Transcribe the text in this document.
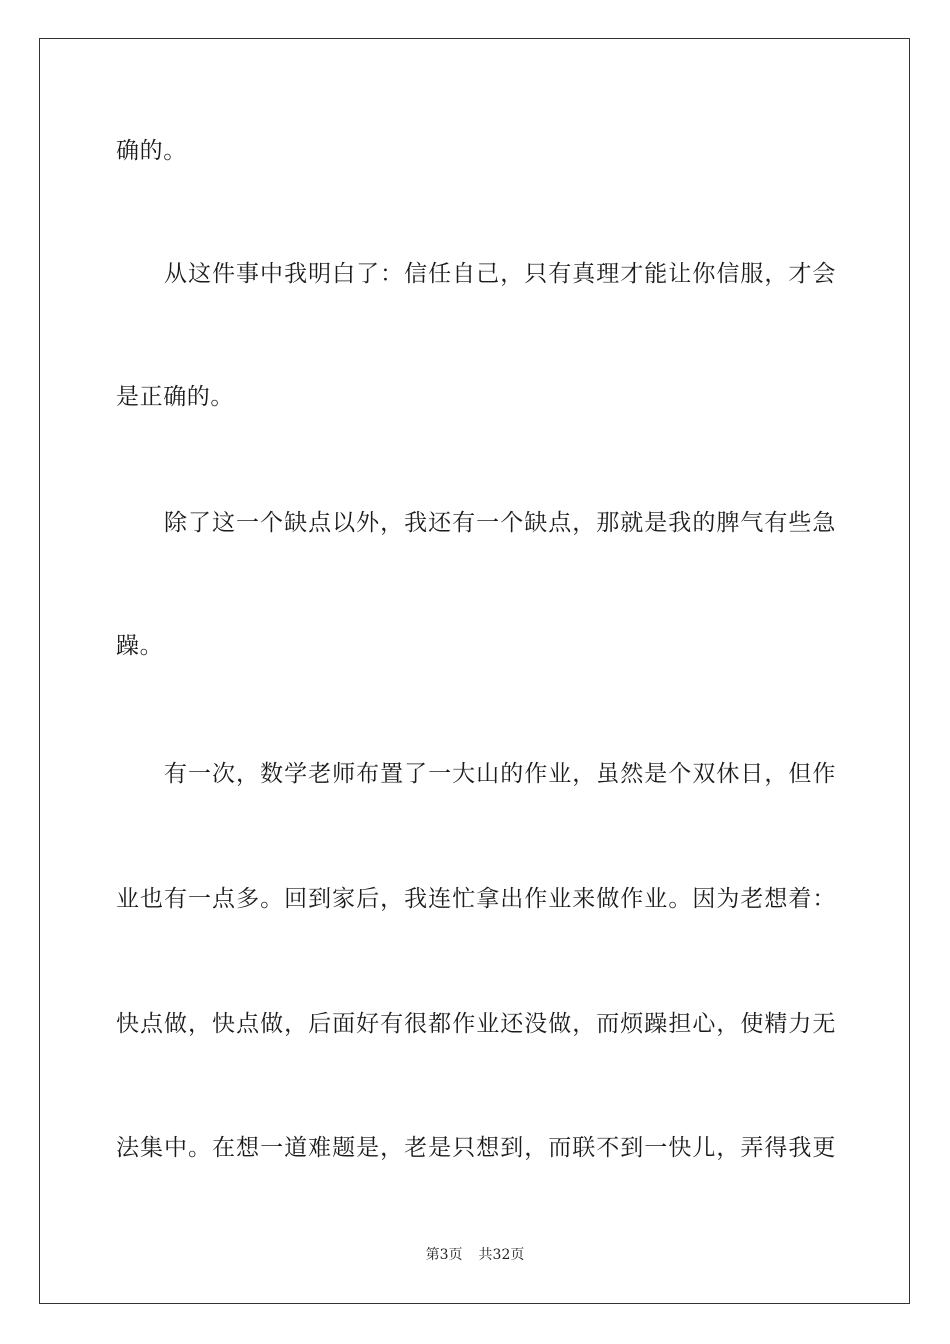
确的。
从这件事中我明白了：信任自己，只有真理才能让你信服，才会
是正确的。
除了这一个缺点以外，我还有一个缺点，那就是我的脾气有些急
躁。
有一次，数学老师布置了一大山的作业，虽然是个双休日，但作
业也有一点多。回到家后，我连忙拿出作业来做作业。因为老想着：
快点做，快点做，后面好有很都作业还没做，而烦躁担心，使精力无
法集中。在想一道难题是，老是只想到，而联不到一快儿，弄得我更
第3页 共32页
